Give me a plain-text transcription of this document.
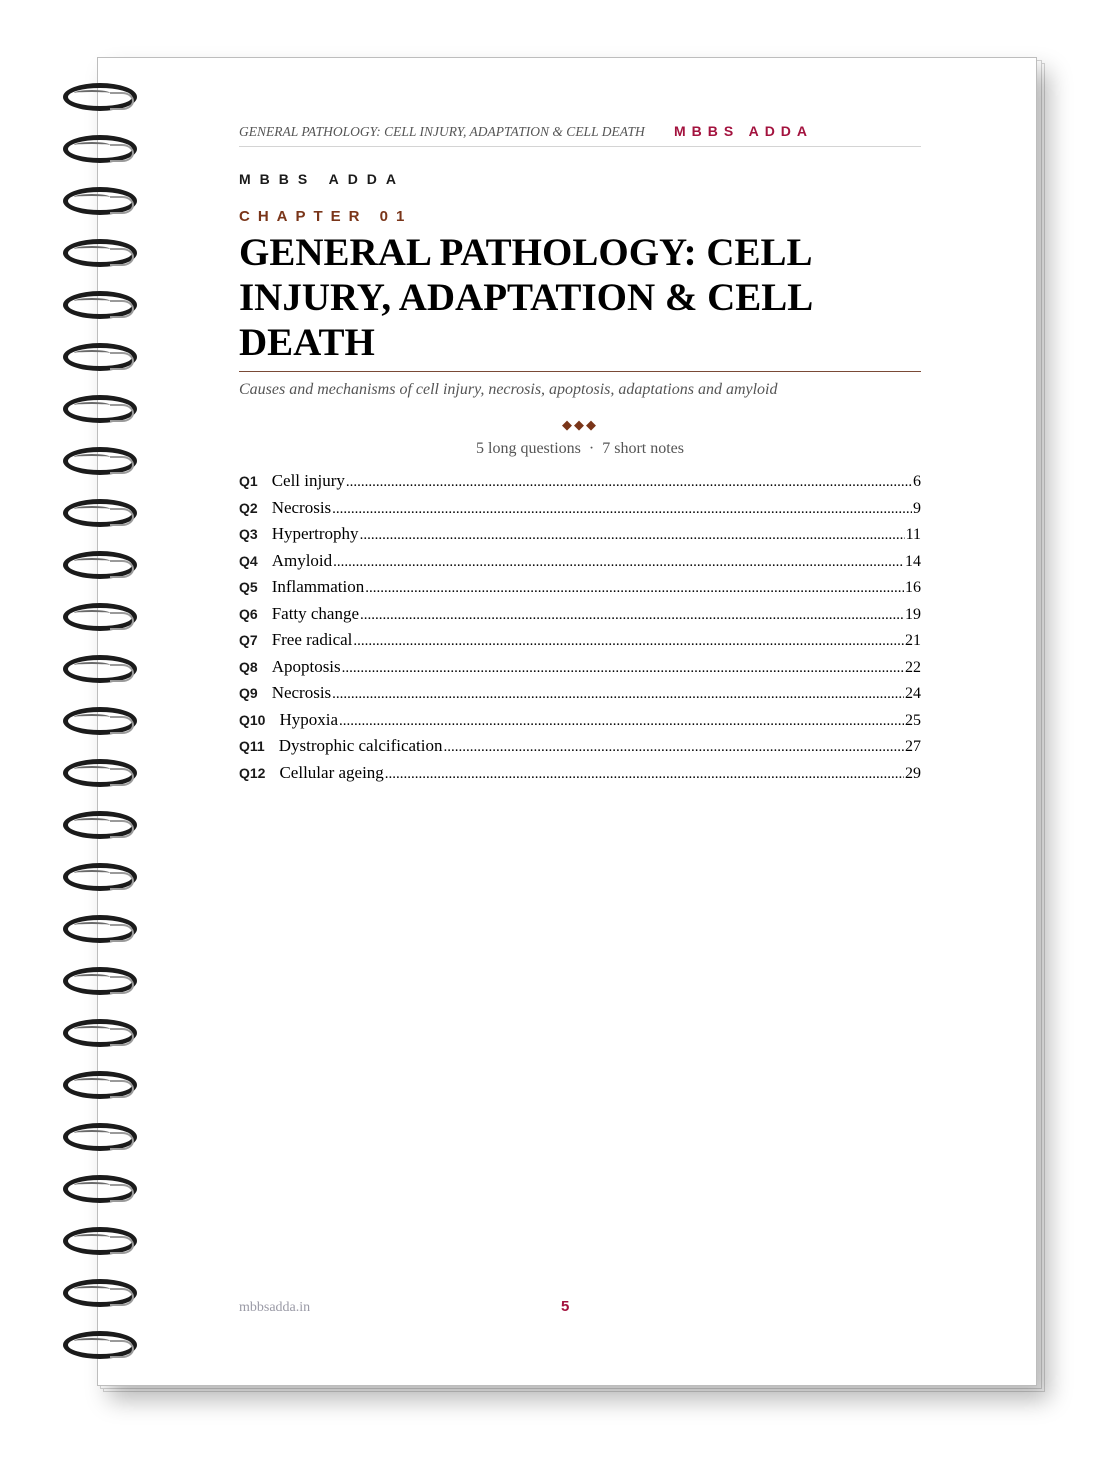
GENERAL PATHOLOGY: CELL INJURY, ADAPTATION & CELL DEATH MBBS ADDA
MBBS ADDA
CHAPTER 01
GENERAL PATHOLOGY: CELL INJURY, ADAPTATION & CELL DEATH
Causes and mechanisms of cell injury, necrosis, apoptosis, adaptations and amyloid
◆◆◆
5 long questions · 7 short notes
Q1 Cell injury .....	6
Q2 Necrosis .....	9
Q3 Hypertrophy .....	11
Q4 Amyloid .....	14
Q5 Inflammation .....	16
Q6 Fatty change .....	19
Q7 Free radical .....	21
Q8 Apoptosis .....	22
Q9 Necrosis .....	24
Q10 Hypoxia .....	25
Q11 Dystrophic calcification .....	27
Q12 Cellular ageing .....	29
mbbsadda.in	5
